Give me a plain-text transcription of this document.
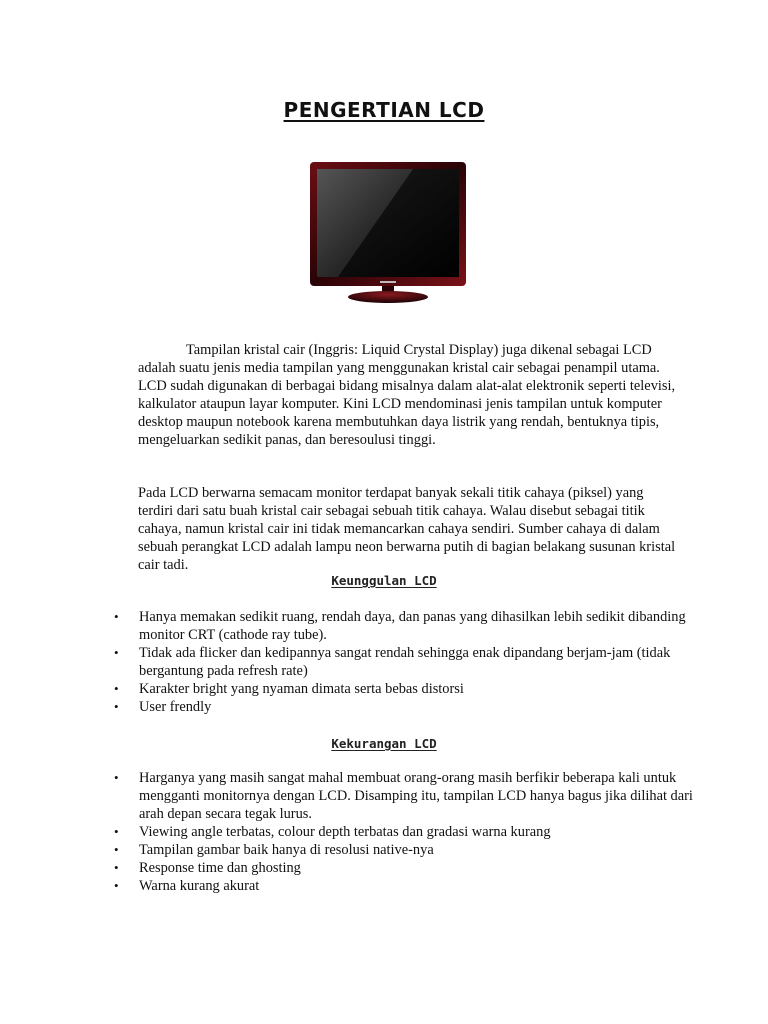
PENGERTIAN LCD

Tampilan kristal cair (Inggris: Liquid Crystal Display) juga dikenal sebagai LCD adalah suatu jenis media tampilan yang menggunakan kristal cair sebagai penampil utama. LCD sudah digunakan di berbagai bidang misalnya dalam alat-alat elektronik seperti televisi, kalkulator ataupun layar komputer. Kini LCD mendominasi jenis tampilan untuk komputer desktop maupun notebook karena membutuhkan daya listrik yang rendah, bentuknya tipis, mengeluarkan sedikit panas, dan beresoulusi tinggi.

Pada LCD berwarna semacam monitor terdapat banyak sekali titik cahaya (piksel) yang terdiri dari satu buah kristal cair sebagai sebuah titik cahaya. Walau disebut sebagai titik cahaya, namun kristal cair ini tidak memancarkan cahaya sendiri. Sumber cahaya di dalam sebuah perangkat LCD adalah lampu neon berwarna putih di bagian belakang susunan kristal cair tadi.

Keunggulan LCD
• Hanya memakan sedikit ruang, rendah daya, dan panas yang dihasilkan lebih sedikit dibanding monitor CRT (cathode ray tube).
• Tidak ada flicker dan kedipannya sangat rendah sehingga enak dipandang berjam-jam (tidak bergantung pada refresh rate)
• Karakter bright yang nyaman dimata serta bebas distorsi
• User frendly
Kekurangan LCD
• Harganya yang masih sangat mahal membuat orang-orang masih berfikir beberapa kali untuk mengganti monitornya dengan LCD. Disamping itu, tampilan LCD hanya bagus jika dilihat dari arah depan secara tegak lurus.
• Viewing angle terbatas, colour depth terbatas dan gradasi warna kurang
• Tampilan gambar baik hanya di resolusi native-nya
• Response time dan ghosting
• Warna kurang akurat
